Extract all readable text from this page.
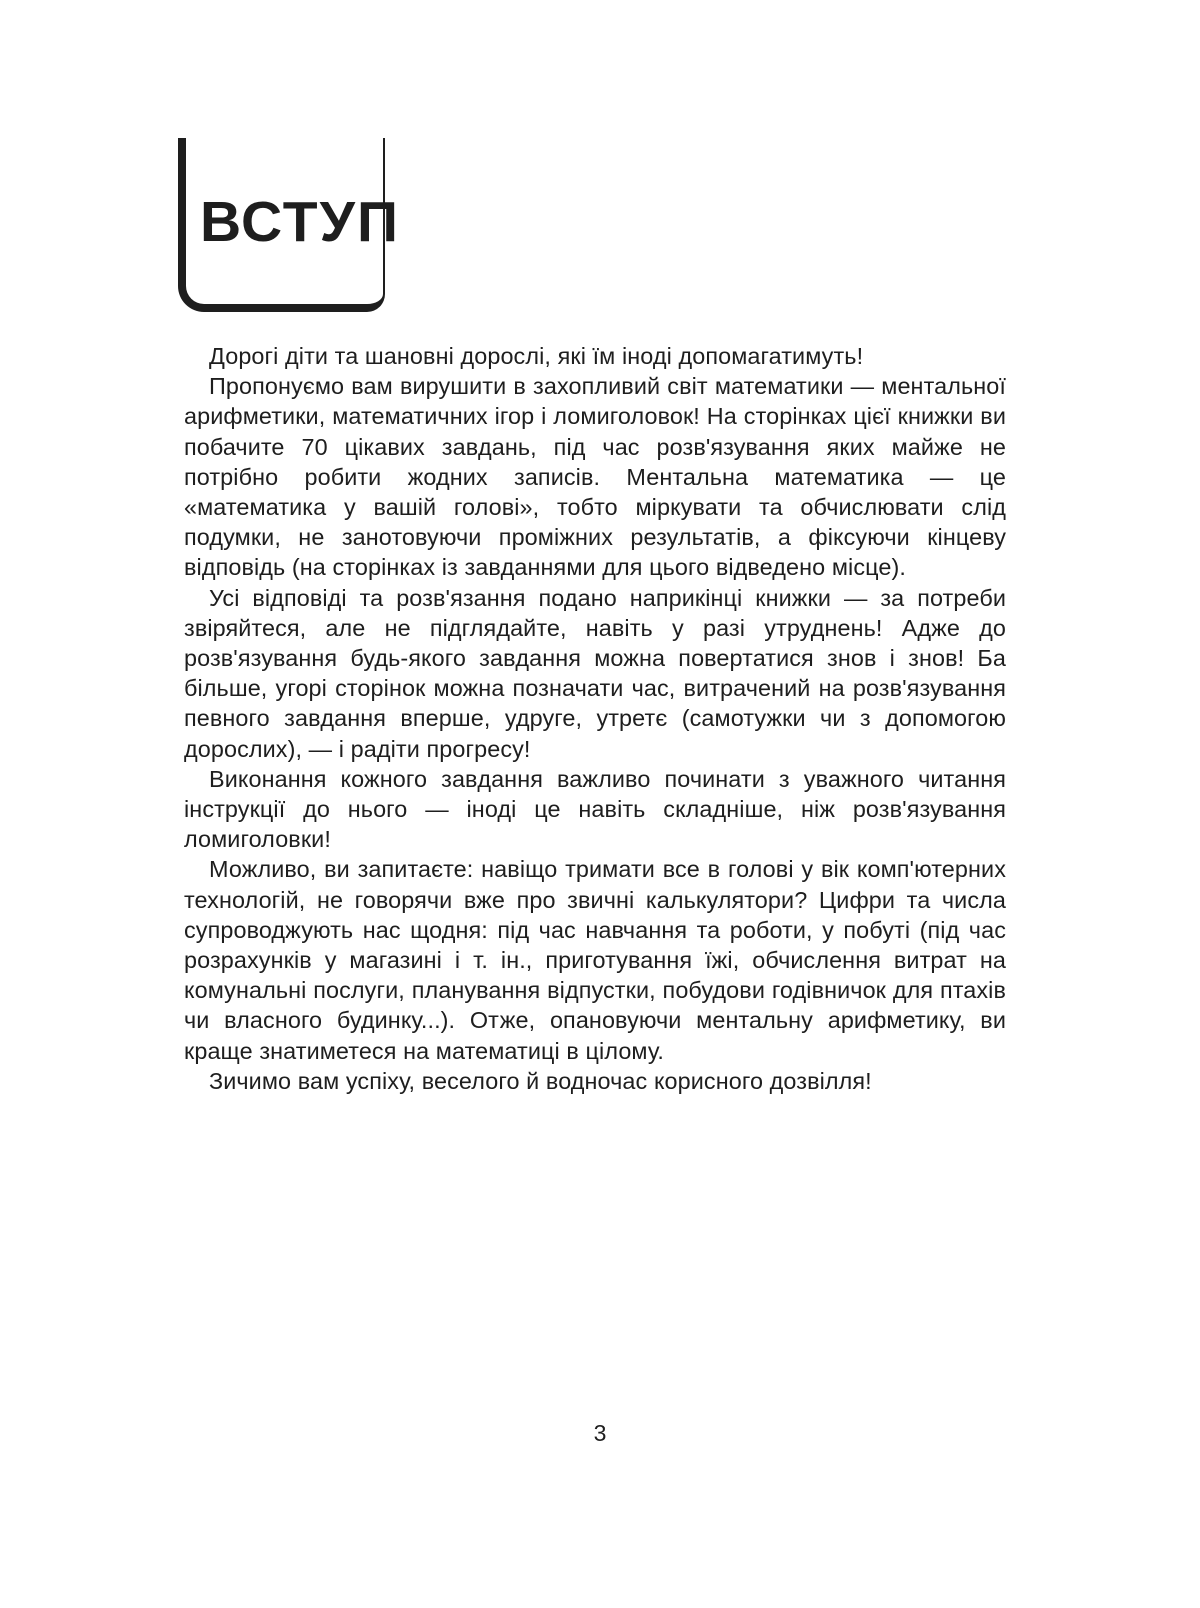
ВСТУП

Дорогі діти та шановні дорослі, які їм іноді допомагатимуть!

Пропонуємо вам вирушити в захопливий світ математики — ментальної арифметики, математичних ігор і ломиголовок! На сторінках цієї книжки ви побачите 70 цікавих завдань, під час розв'язування яких майже не потрібно робити жодних записів. Ментальна математика — це «математика у вашій голові», тобто міркувати та обчислювати слід подумки, не занотовуючи проміжних результатів, а фіксуючи кінцеву відповідь (на сторінках із завданнями для цього відведено місце).

Усі відповіді та розв'язання подано наприкінці книжки — за потреби звіряйтеся, але не підглядайте, навіть у разі утруднень! Адже до розв'язування будь-якого завдання можна повертатися знов і знов! Ба більше, угорі сторінок можна позначати час, витрачений на розв'язування певного завдання вперше, удруге, утретє (самотужки чи з допомогою дорослих), — і радіти прогресу!

Виконання кожного завдання важливо починати з уважного читання інструкції до нього — іноді це навіть складніше, ніж розв'язування ломиголовки!

Можливо, ви запитаєте: навіщо тримати все в голові у вік комп'ютерних технологій, не говорячи вже про звичні калькулятори? Цифри та числа супроводжують нас щодня: під час навчання та роботи, у побуті (під час розрахунків у магазині і т. ін., приготування їжі, обчислення витрат на комунальні послуги, планування відпустки, побудови годівничок для птахів чи власного будинку...). Отже, опановуючи ментальну арифметику, ви краще знатиметеся на математиці в цілому.

Зичимо вам успіху, веселого й водночас корисного дозвілля!

3
